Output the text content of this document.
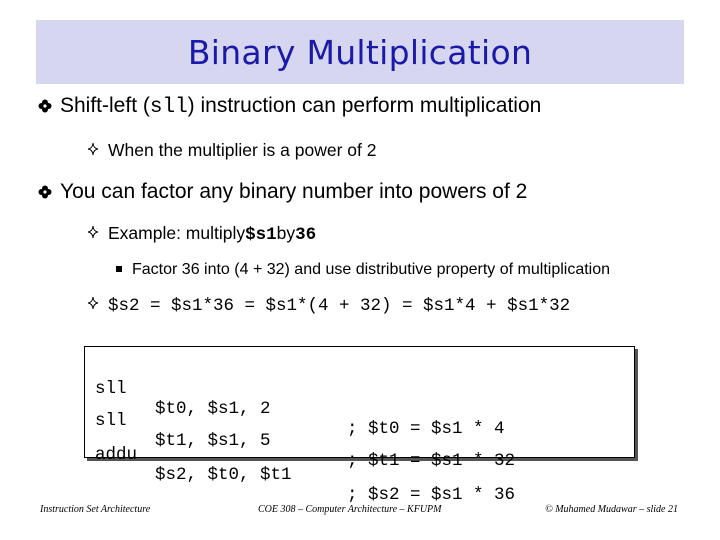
Binary Multiplication
Shift-left ( sll ) instruction can perform multiplication
When the multiplier is a power of 2
You can factor any binary number into powers of 2
Example: multiply $s1 by 36
Factor 36 into (4 + 32) and use distributive property of multiplication
$s2 = $s1*36 = $s1*(4 + 32) = $s1*4 + $s1*32

sll

$t0, $s1, 2

; $t0 = $s1 * 4

sll

$t1, $s1, 5

; $t1 = $s1 * 32

addu

$s2, $t0, $t1

; $s2 = $s1 * 36

Instruction Set Architecture	COE 308 – Computer Architecture – KFUPM	© Muhamed Mudawar – slide 21
